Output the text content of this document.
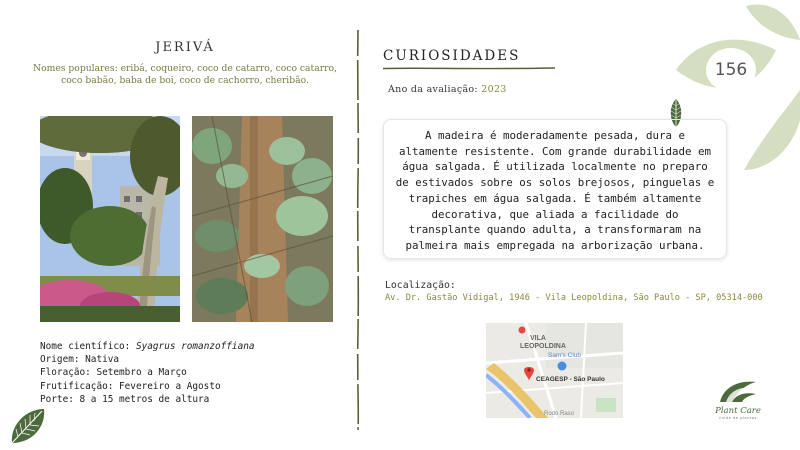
JERIVÁ
Nomes populares: eribá, coqueiro, coco de catarro, coco catarro, coco babão, baba de boi, coco de cachorro, cheribão.
Nome científico: Syagrus romanzoffiana
Origem: Nativa
Floração: Setembro a Março
Frutificação: Fevereiro a Agosto
Porte: 8 a 15 metros de altura
CURIOSIDADES
Ano da avaliação: 2023
A madeira é moderadamente pesada, dura e altamente resistente. Com grande durabilidade em água salgada. É utilizada localmente no preparo de estivados sobre os solos brejosos, pinguelas e trapiches em água salgada. É também altamente decorativa, que aliada a facilidade do transplante quando adulta, a transformaram na palmeira mais empregada na arborização urbana.
Localização:
Av. Dr. Gastão Vidigal, 1946 - Vila Leopoldina, São Paulo - SP, 05314-000
VILA
LEOPOLDINA
Sam's Club
CEAGESP - São Paulo
Rodo Raso
156
Plant Care
cuide de plantas
